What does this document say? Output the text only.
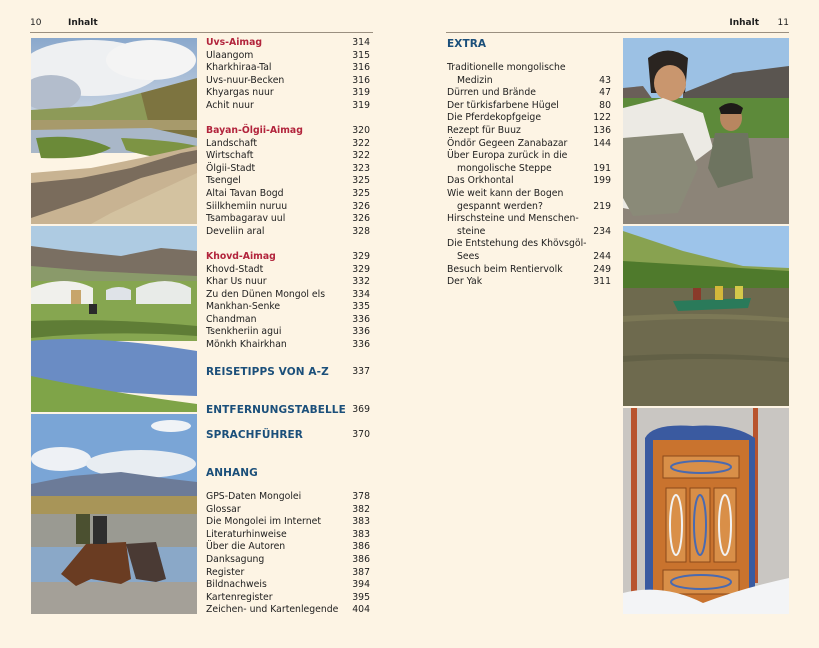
10	Inhalt	Inhalt 11
Uvs-Aimag	314
Ulaangom	315
Kharkhiraa-Tal	316
Uvs-nuur-Becken	316
Khyargas nuur	319
Achit nuur	319
Bayan-Ölgii-Aimag	320
Landschaft	322
Wirtschaft	322
Ölgii-Stadt	323
Tsengel	325
Altai Tavan Bogd	325
Siilkhemiin nuruu	326
Tsambagarav uul	326
Develiin aral	328
Khovd-Aimag	329
Khovd-Stadt	329
Khar Us nuur	332
Zu den Dünen Mongol els	334
Mankhan-Senke	335
Chandman	336
Tsenkheriin agui	336
Mönkh Khairkhan	336
REISETIPPS VON A-Z	337
ENTFERNUNGSTABELLE 369
SPRACHFÜHRER	370
ANHANG
GPS-Daten Mongolei	378
Glossar	382
Die Mongolei im Internet	383
Literaturhinweise	383
Über die Autoren	386
Danksagung	386
Register	387
Bildnachweis	394
Kartenregister	395
Zeichen- und Kartenlegende	404
EXTRA
Traditionelle mongolische
Medizin	43
Dürren und Brände	47
Der türkisfarbene Hügel	80
Die Pferdekopfgeige	122
Rezept für Buuz	136
Öndör Gegeen Zanabazar	144
Über Europa zurück in die
mongolische Steppe	191
Das Orkhontal	199
Wie weit kann der Bogen
gespannt werden?	219
Hirschsteine und Menschen-
steine	234
Die Entstehung des Khövsgöl-
Sees	244
Besuch beim Rentiervolk	249
Der Yak	311
